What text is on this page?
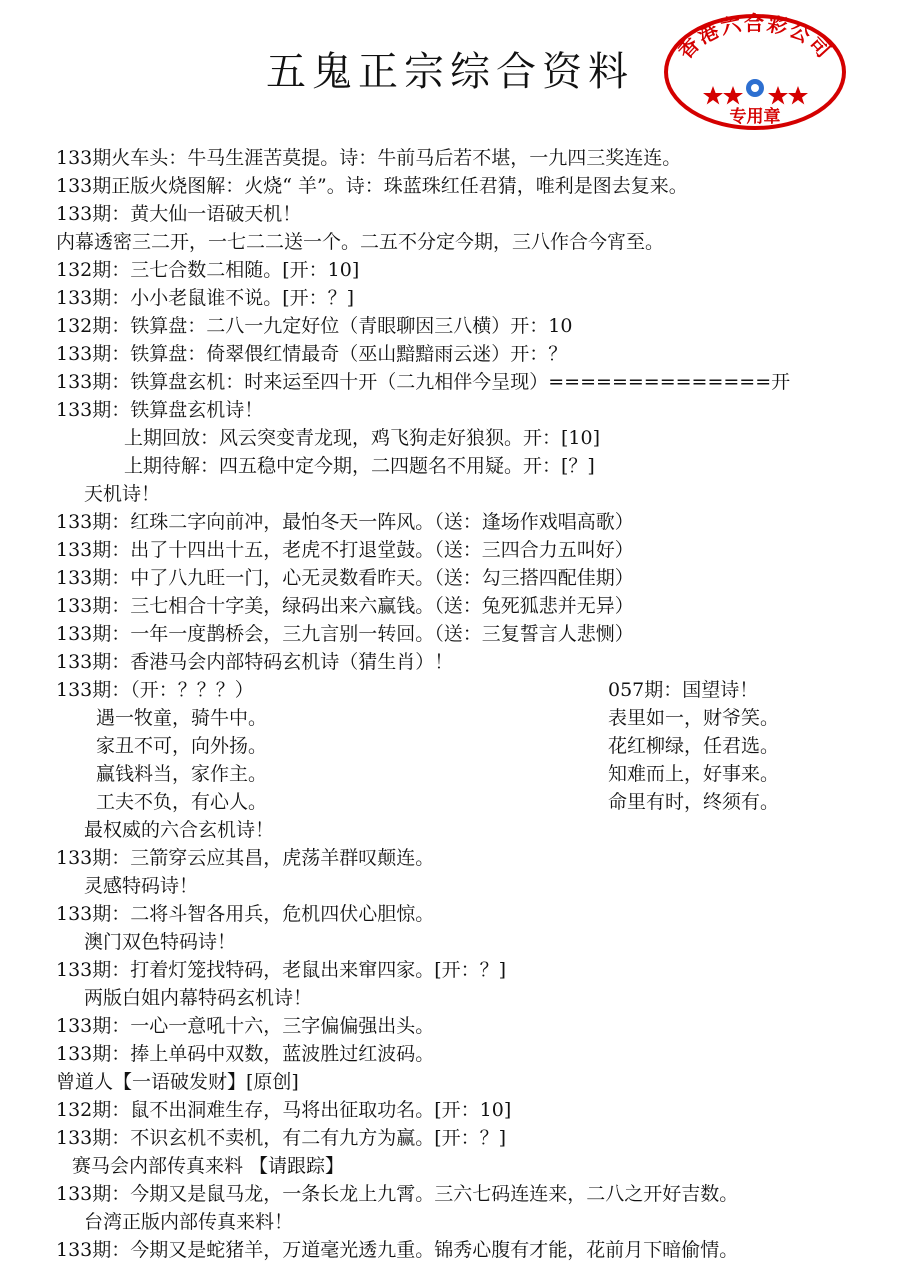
五鬼正宗综合资料
香港六合彩公司
专用章
133期火车头：牛马生涯苦莫提。诗：牛前马后若不堪，一九四三奖连连。
133期正版火烧图解：火烧“ 羊”。诗：珠蓝珠红任君猜，唯利是图去复来。
133期：黄大仙一语破天机！
内幕透密三二开，一七二二送一个。二五不分定今期，三八作合今宵至。
132期：三七合数二相随。[开：10]
133期：小小老鼠谁不说。[开：？]
132期：铁算盘：二八一九定好位（青眼聊因三八横）开：10
133期：铁算盘：倚翠偎红情最奇（巫山黯黯雨云迷）开：？
133期：铁算盘玄机：时来运至四十开（二九相伴今呈现）==============开
133期：铁算盘玄机诗！
上期回放：风云突变青龙现，鸡飞狗走好狼狈。开：[10]
上期待解：四五稳中定今期，二四题名不用疑。开：[？]
天机诗！
133期：红珠二字向前冲，最怕冬天一阵风。（送：逢场作戏唱高歌）
133期：出了十四出十五，老虎不打退堂鼓。（送：三四合力五叫好）
133期：中了八九旺一门，心无灵数看昨天。（送：勾三搭四配佳期）
133期：三七相合十字美，绿码出来六赢钱。（送：兔死狐悲并无异）
133期：一年一度鹊桥会，三九言别一转回。（送：三复誓言人悲恻）
133期：香港马会内部特码玄机诗（猜生肖）！
133期：（开：？？？）
遇一牧童，骑牛中。
家丑不可，向外扬。
赢钱料当，家作主。
工夫不负，有心人。
最权威的六合玄机诗！
133期：三箭穿云应其昌，虎荡羊群叹颠连。
灵感特码诗！
133期：二将斗智各用兵，危机四伏心胆惊。
澳门双色特码诗！
133期：打着灯笼找特码，老鼠出来窜四家。[开：？]
两版白姐内幕特码玄机诗！
133期：一心一意吼十六，三字偏偏强出头。
133期：捧上单码中双数，蓝波胜过红波码。
曾道人【一语破发财】[原创]
132期：鼠不出洞难生存，马将出征取功名。[开：10]
133期：不识玄机不卖机，有二有九方为赢。[开：？]
赛马会内部传真来料 【请跟踪】
133期：今期又是鼠马龙，一条长龙上九霄。三六七码连连来，二八之开好吉数。
台湾正版内部传真来料！
133期：今期又是蛇猪羊，万道毫光透九重。锦秀心腹有才能，花前月下暗偷情。
057期：国望诗！
表里如一，财爷笑。
花红柳绿，任君选。
知难而上，好事来。
命里有时，终须有。
